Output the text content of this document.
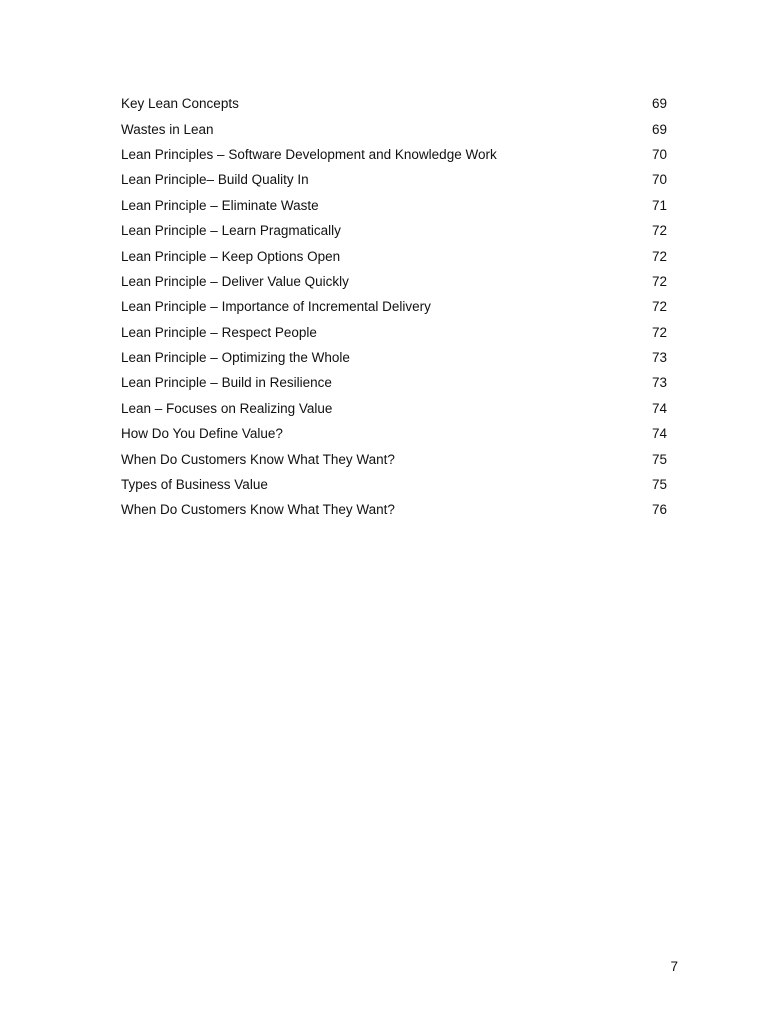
Key Lean Concepts	69
Wastes in Lean	69
Lean Principles – Software Development and Knowledge Work	70
Lean Principle– Build Quality In	70
Lean Principle – Eliminate Waste	71
Lean Principle – Learn Pragmatically	72
Lean Principle – Keep Options Open	72
Lean Principle – Deliver Value Quickly	72
Lean Principle – Importance of Incremental Delivery	72
Lean Principle – Respect People	72
Lean Principle – Optimizing the Whole	73
Lean Principle – Build in Resilience	73
Lean – Focuses on Realizing Value	74
How Do You Define Value?	74
When Do Customers Know What They Want?	75
Types of Business Value	75
When Do Customers Know What They Want?	76
7
